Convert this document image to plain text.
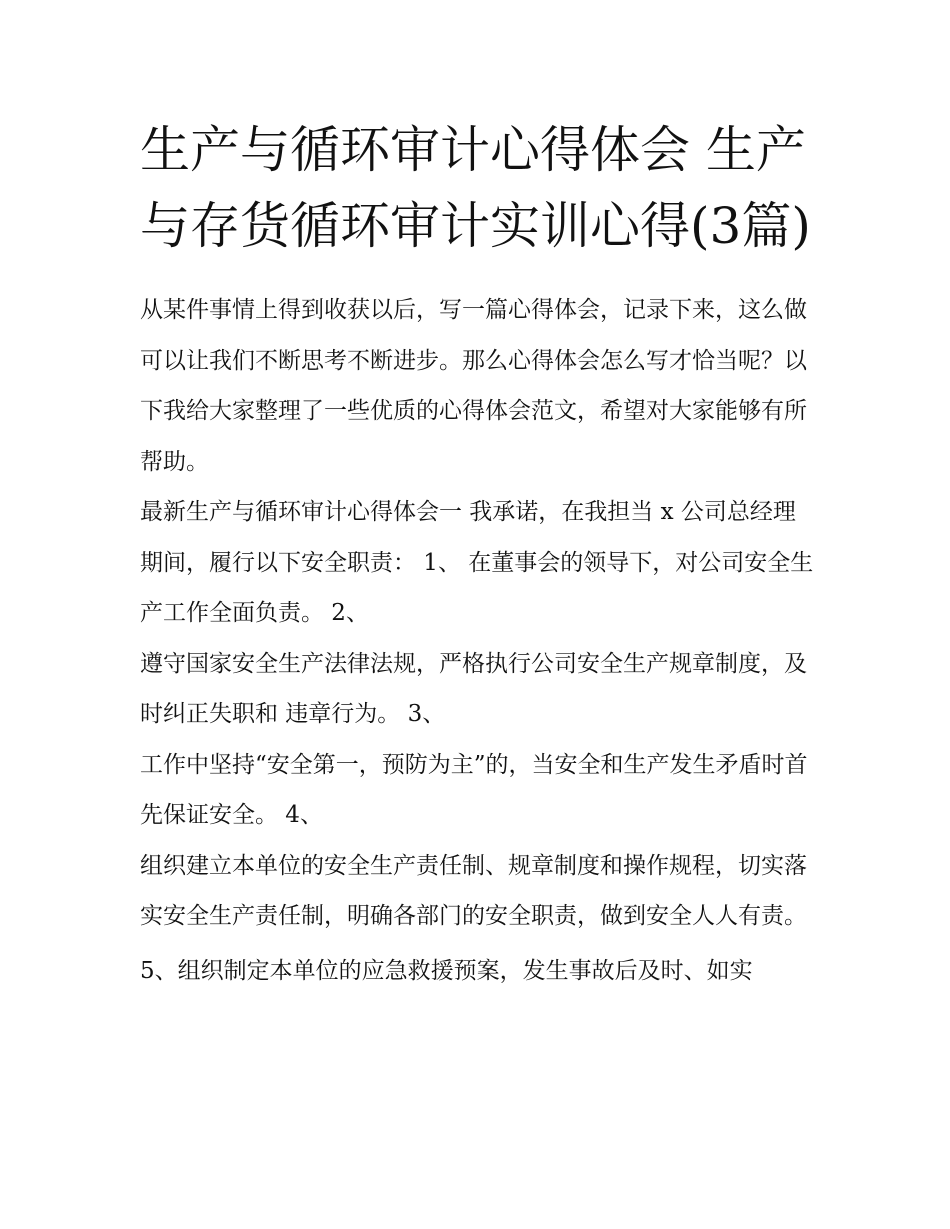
生产与循环审计心得体会 生产与存货循环审计实训心得(3篇)

从某件事情上得到收获以后，写一篇心得体会，记录下来，这么做可以让我们不断思考不断进步。那么心得体会怎么写才恰当呢？以下我给大家整理了一些优质的心得体会范文，希望对大家能够有所帮助。

最新生产与循环审计心得体会一 我承诺，在我担当 x 公司总经理期间，履行以下安全职责： 1、 在董事会的领导下，对公司安全生产工作全面负责。 2、

遵守国家安全生产法律法规，严格执行公司安全生产规章制度，及时纠正失职和 违章行为。 3、

工作中坚持“安全第一，预防为主”的，当安全和生产发生矛盾时首先保证安全。 4、

组织建立本单位的安全生产责任制、规章制度和操作规程，切实落实安全生产责任制，明确各部门的安全职责，做到安全人人有责。

5、组织制定本单位的应急救援预案，发生事故后及时、如实
